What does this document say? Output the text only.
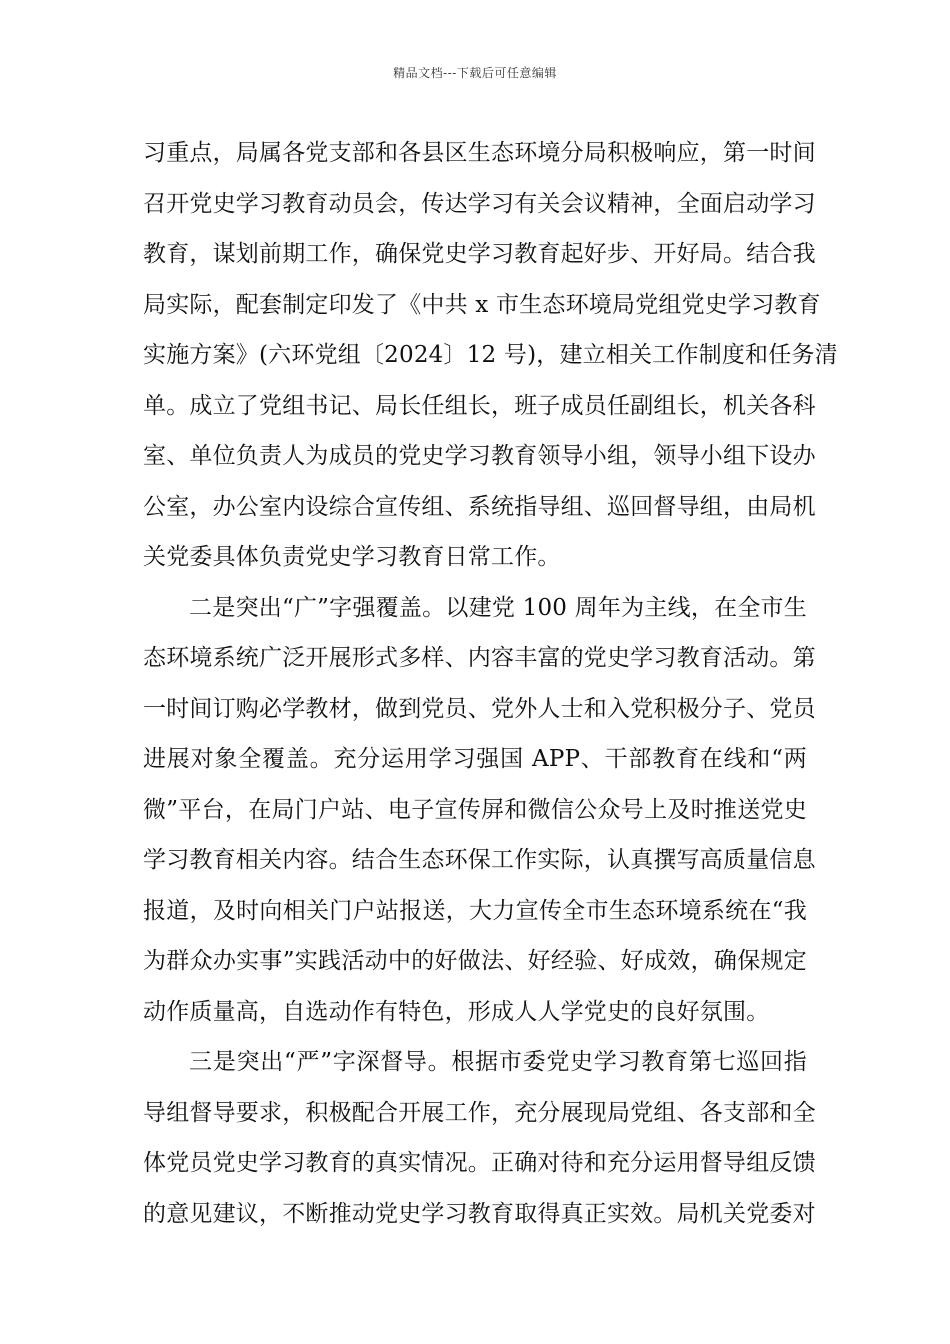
精品文档---下载后可任意编辑
习重点，局属各党支部和各县区生态环境分局积极响应，第一时间
召开党史学习教育动员会，传达学习有关会议精神，全面启动学习
教育，谋划前期工作，确保党史学习教育起好步、开好局。结合我
局实际，配套制定印发了《中共 x 市生态环境局党组党史学习教育
实施方案》(六环党组〔2024〕12 号)，建立相关工作制度和任务清
单。成立了党组书记、局长任组长，班子成员任副组长，机关各科
室、单位负责人为成员的党史学习教育领导小组，领导小组下设办
公室，办公室内设综合宣传组、系统指导组、巡回督导组，由局机
关党委具体负责党史学习教育日常工作。
二是突出“广”字强覆盖。以建党 100 周年为主线，在全市生
态环境系统广泛开展形式多样、内容丰富的党史学习教育活动。第
一时间订购必学教材，做到党员、党外人士和入党积极分子、党员
进展对象全覆盖。充分运用学习强国 APP、干部教育在线和“两
微”平台，在局门户站、电子宣传屏和微信公众号上及时推送党史
学习教育相关内容。结合生态环保工作实际，认真撰写高质量信息
报道，及时向相关门户站报送，大力宣传全市生态环境系统在“我
为群众办实事”实践活动中的好做法、好经验、好成效，确保规定
动作质量高，自选动作有特色，形成人人学党史的良好氛围。
三是突出“严”字深督导。根据市委党史学习教育第七巡回指
导组督导要求，积极配合开展工作，充分展现局党组、各支部和全
体党员党史学习教育的真实情况。正确对待和充分运用督导组反馈
的意见建议，不断推动党史学习教育取得真正实效。局机关党委对
